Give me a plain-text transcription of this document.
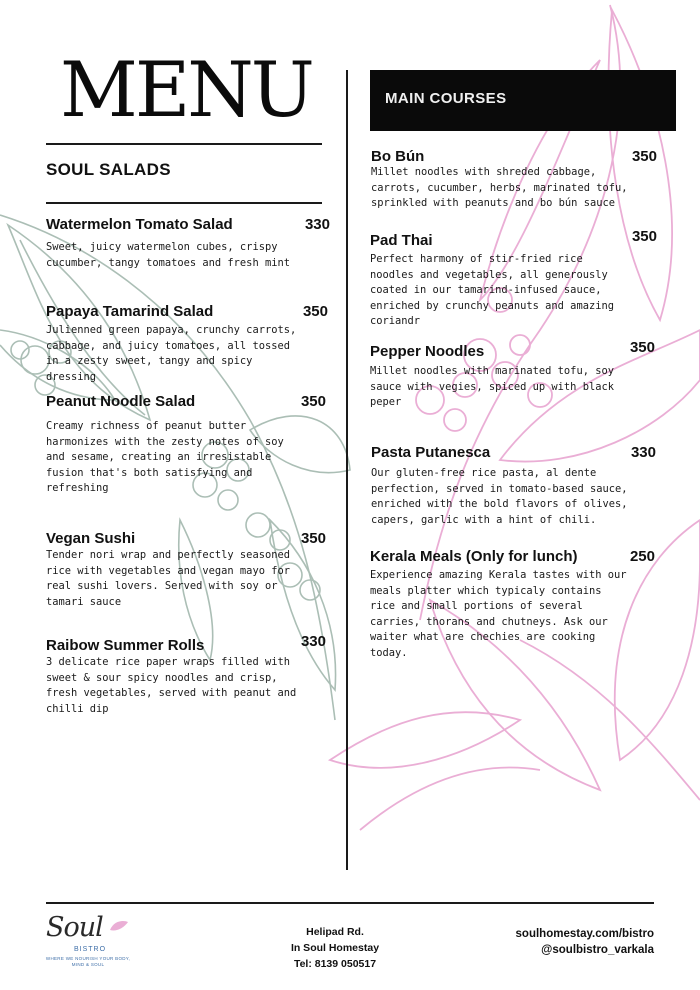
MENU
SOUL SALADS
MAIN COURSES

Watermelon Tomato Salad	330

Sweet, juicy watermelon cubes, crispy cucumber, tangy tomatoes and fresh mint

Papaya Tamarind Salad	350

Julienned green papaya, crunchy carrots, cabbage, and juicy tomatoes, all tossed in a zesty sweet, tangy and spicy dressing

Peanut Noodle Salad	350

Creamy richness of peanut butter harmonizes with the zesty notes of soy and sesame, creating an irresistable fusion that's both satisfying and refreshing

Vegan Sushi	350

Tender nori wrap and perfectly seasoned rice with vegetables and vegan mayo for real sushi lovers. Served with soy or tamari sauce

Raibow Summer Rolls	330

3 delicate rice paper wraps filled with sweet & sour spicy noodles and crisp, fresh vegetables, served with peanut and chilli dip

Bo Bún	350

Millet noodles with shreded cabbage, carrots, cucumber, herbs, marinated tofu, sprinkled with peanuts and bo bún sauce

Pad Thai	350

Perfect harmony of stir-fried rice noodles and vegetables, all generously coated in our tamarind-infused sauce, enriched by crunchy peanuts and amazing coriandr

Pepper Noodles	350

Millet noodles with marinated tofu, soy sauce with vegies, spiced up with black peper

Pasta Putanesca	330

Our gluten-free rice pasta, al dente perfection, served in tomato-based sauce, enriched with the bold flavors of olives, capers, garlic with a hint of chili.

Kerala Meals (Only for lunch)	250

Experience amazing Kerala tastes with our meals platter which typicaly contains rice and small portions of several carries, thorans and chutneys. Ask our waiter what are chechies are cooking today.

Soul

BISTRO

WHERE WE NOURISH YOUR BODY, MIND & SOUL

Helipad Rd.
In Soul Homestay
Tel: 8139 050517
soulhomestay.com/bistro
@soulbistro_varkala
